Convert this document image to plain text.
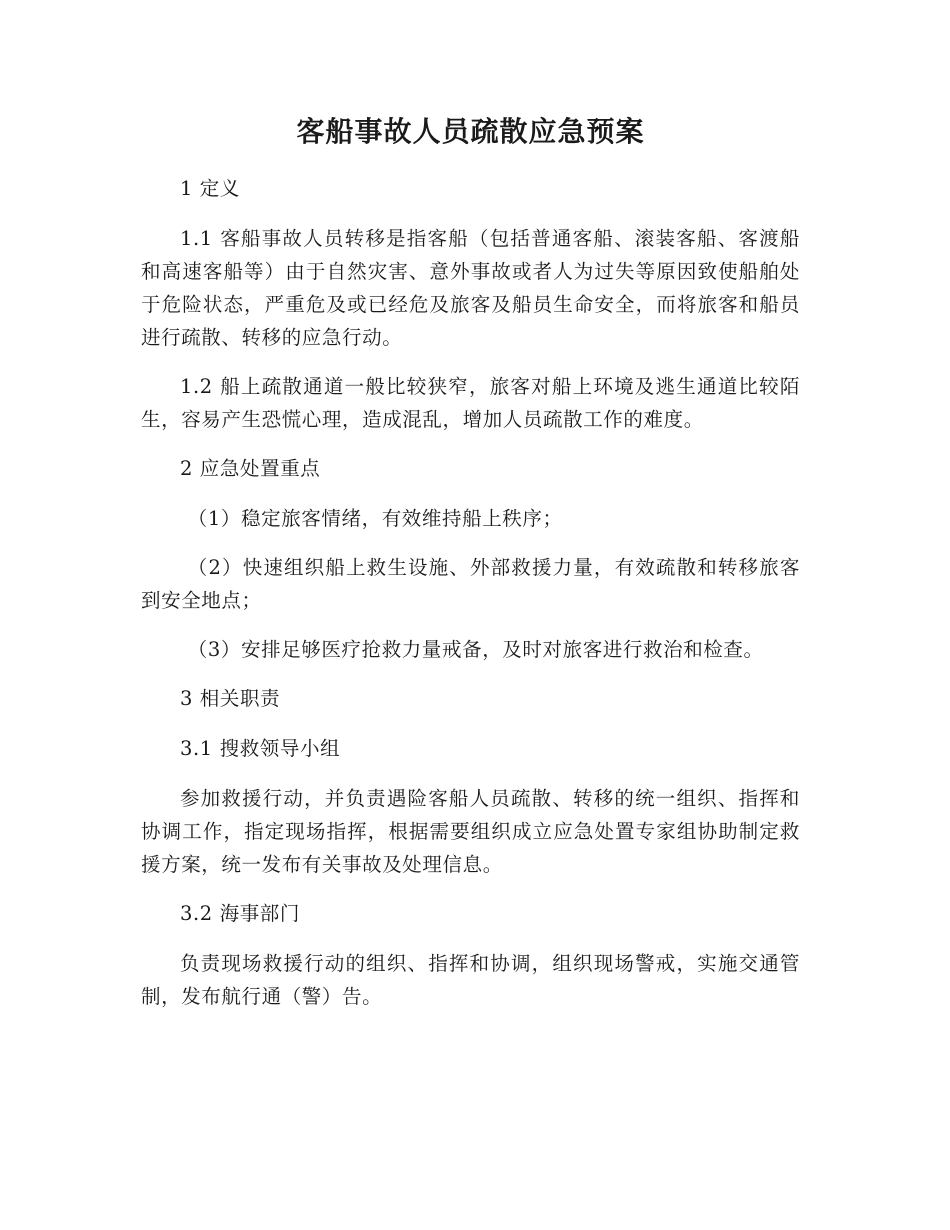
客船事故人员疏散应急预案

1 定义

1.1 客船事故人员转移是指客船（包括普通客船、滚装客船、客渡船和高速客船等）由于自然灾害、意外事故或者人为过失等原因致使船舶处于危险状态，严重危及或已经危及旅客及船员生命安全，而将旅客和船员进行疏散、转移的应急行动。

1.2 船上疏散通道一般比较狭窄，旅客对船上环境及逃生通道比较陌生，容易产生恐慌心理，造成混乱，增加人员疏散工作的难度。

2 应急处置重点

（1）稳定旅客情绪，有效维持船上秩序；

（2）快速组织船上救生设施、外部救援力量，有效疏散和转移旅客到安全地点；

（3）安排足够医疗抢救力量戒备，及时对旅客进行救治和检查。

3 相关职责

3.1 搜救领导小组

参加救援行动，并负责遇险客船人员疏散、转移的统一组织、指挥和协调工作，指定现场指挥，根据需要组织成立应急处置专家组协助制定救援方案，统一发布有关事故及处理信息。

3.2 海事部门

负责现场救援行动的组织、指挥和协调，组织现场警戒，实施交通管制，发布航行通（警）告。
